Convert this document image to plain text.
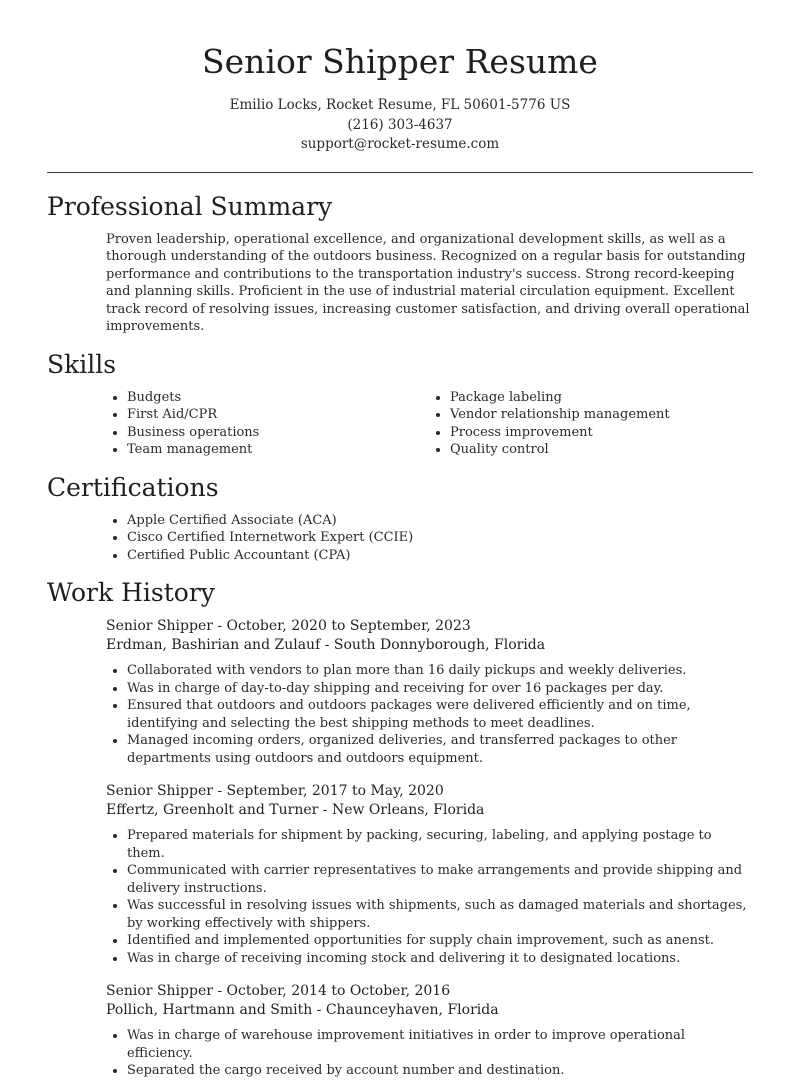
Senior Shipper Resume
Emilio Locks, Rocket Resume, FL 50601-5776 US
(216) 303-4637
support@rocket-resume.com
Professional Summary
Proven leadership, operational excellence, and organizational development skills, as well as a thorough understanding of the outdoors business. Recognized on a regular basis for outstanding performance and contributions to the transportation industry's success. Strong record-keeping and planning skills. Proficient in the use of industrial material circulation equipment. Excellent track record of resolving issues, increasing customer satisfaction, and driving overall operational improvements.
Skills
• Budgets
• First Aid/CPR
• Business operations
• Team management
• Package labeling
• Vendor relationship management
• Process improvement
• Quality control
Certifications
• Apple Certified Associate (ACA)
• Cisco Certified Internetwork Expert (CCIE)
• Certified Public Accountant (CPA)
Work History
Senior Shipper - October, 2020 to September, 2023
Erdman, Bashirian and Zulauf - South Donnyborough, Florida
• Collaborated with vendors to plan more than 16 daily pickups and weekly deliveries.
• Was in charge of day-to-day shipping and receiving for over 16 packages per day.
• Ensured that outdoors and outdoors packages were delivered efficiently and on time, identifying and selecting the best shipping methods to meet deadlines.
• Managed incoming orders, organized deliveries, and transferred packages to other departments using outdoors and outdoors equipment.
Senior Shipper - September, 2017 to May, 2020
Effertz, Greenholt and Turner - New Orleans, Florida
• Prepared materials for shipment by packing, securing, labeling, and applying postage to them.
• Communicated with carrier representatives to make arrangements and provide shipping and delivery instructions.
• Was successful in resolving issues with shipments, such as damaged materials and shortages, by working effectively with shippers.
• Identified and implemented opportunities for supply chain improvement, such as anenst.
• Was in charge of receiving incoming stock and delivering it to designated locations.
Senior Shipper - October, 2014 to October, 2016
Pollich, Hartmann and Smith - Chaunceyhaven, Florida
• Was in charge of warehouse improvement initiatives in order to improve operational efficiency.
• Separated the cargo received by account number and destination.
